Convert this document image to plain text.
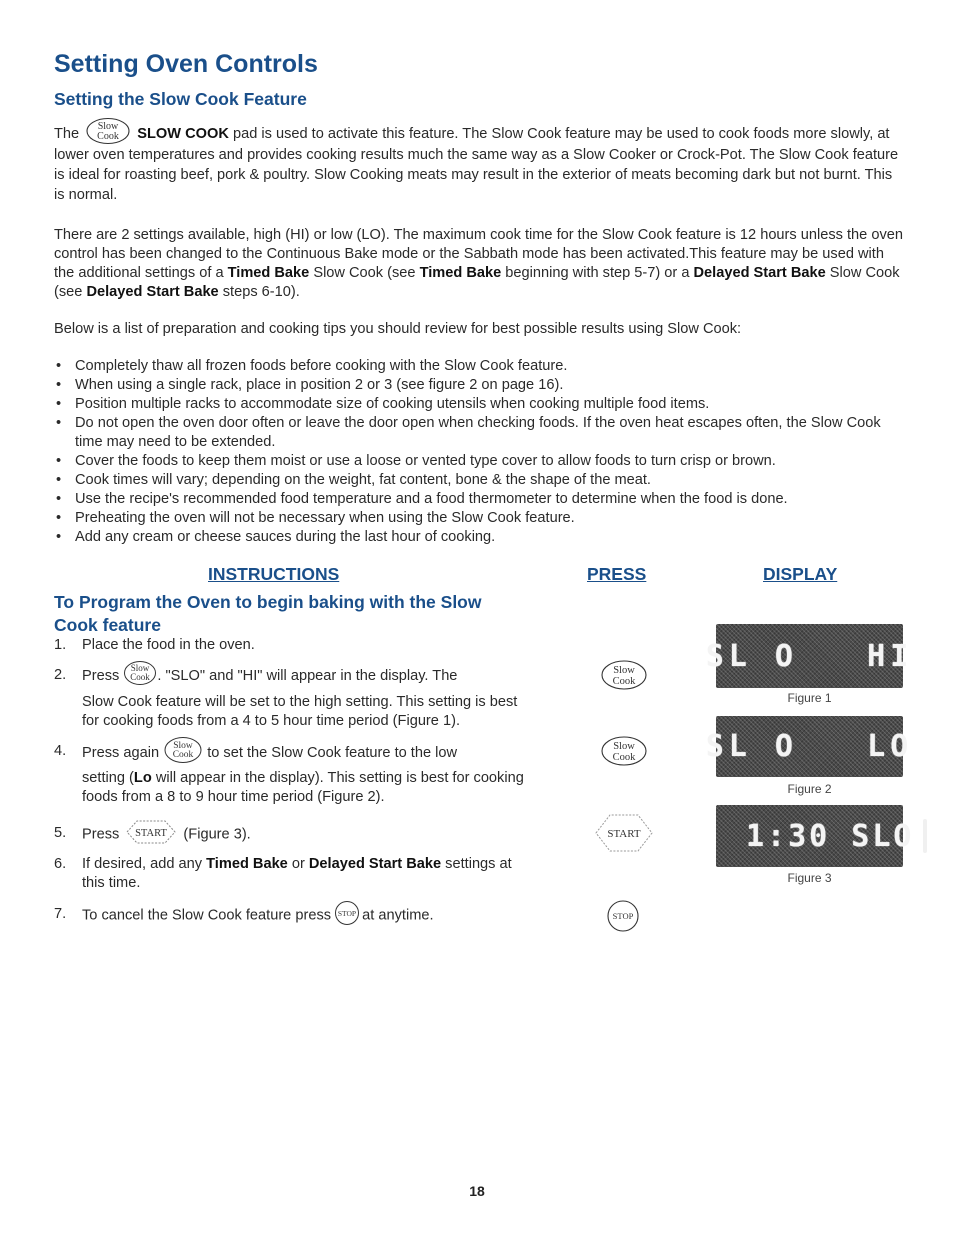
Setting Oven Controls
Setting the Slow Cook Feature

The Slow
Cook SLOW COOK pad is used to activate this feature. The Slow Cook feature may be used to cook foods more slowly, at lower oven temperatures and provides cooking results much the same way as a Slow Cooker or Crock-Pot. The Slow Cook feature is ideal for roasting beef, pork & poultry. Slow Cooking meats may result in the exterior of meats becoming dark but not burnt. This is normal.

There are 2 settings available, high (HI) or low (LO). The maximum cook time for the Slow Cook feature is 12 hours unless the oven control has been changed to the Continuous Bake mode or the Sabbath mode has been activated.This feature may be used with the additional settings of a Timed Bake Slow Cook (see Timed Bake beginning with step 5-7) or a Delayed Start Bake Slow Cook (see Delayed Start Bake steps 6-10).

Below is a list of preparation and cooking tips you should review for best possible results using Slow Cook:

• Completely thaw all frozen foods before cooking with the Slow Cook feature.
• When using a single rack, place in position 2 or 3 (see figure 2 on page 16).
• Position multiple racks to accommodate size of cooking utensils when cooking multiple food items.
• Do not open the oven door often or leave the door open when checking foods. If the oven heat escapes often, the Slow Cook time may need to be extended.
• Cover the foods to keep them moist or use a loose or vented type cover to allow foods to turn crisp or brown.
• Cook times will vary; depending on the weight, fat content, bone & the shape of the meat.
• Use the recipe's recommended food temperature and a food thermometer to determine when the food is done.
• Preheating the oven will not be necessary when using the Slow Cook feature.
• Add any cream or cheese sauces during the last hour of cooking.
INSTRUCTIONS	PRESS	DISPLAY
To Program the Oven to begin baking with the Slow Cook feature
1. Place the food in the oven.
2. Press Slow
Cook . "SLO" and "HI" will appear in the display. The
Slow Cook feature will be set to the high setting. This setting is best for cooking foods from a 4 to 5 hour time period (Figure 1).
4. Press again Slow
Cook to set the Slow Cook feature to the low
setting (Lo will appear in the display). This setting is best for cooking foods from a 8 to 9 hour time period (Figure 2).
5. Press START (Figure 3).
6. If desired, add any Timed Bake or Delayed Start Bake settings at this time.
7. To cancel the Slow Cook feature press STOP at anytime.
Slow
Cook
Slow
Cook
START
STOP
SL O   HI
Figure 1
SL O   LO
Figure 2
1:30 SLO
Figure 3
18
